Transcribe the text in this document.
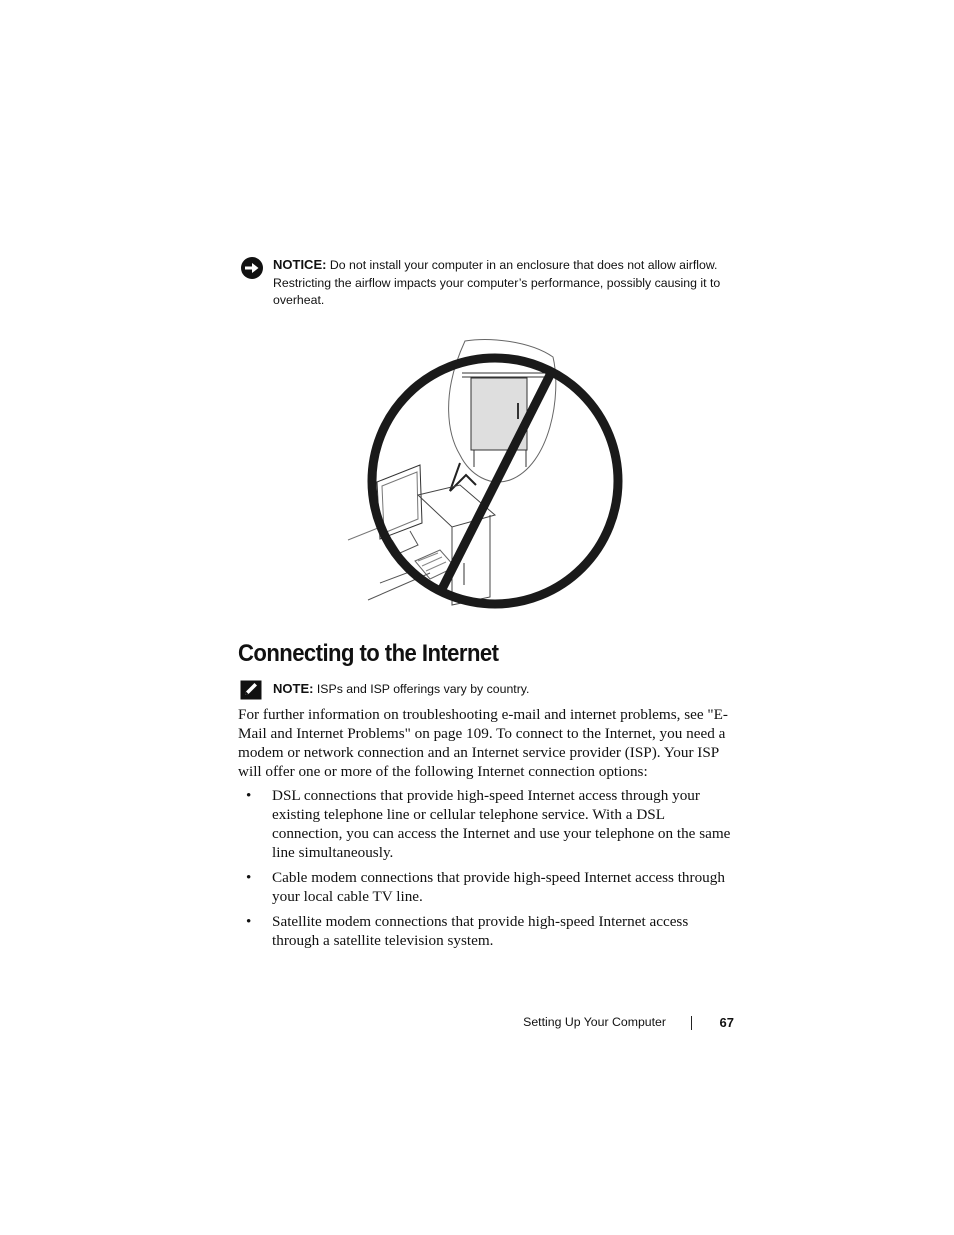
NOTICE: Do not install your computer in an enclosure that does not allow airflow. Restricting the airflow impacts your computer’s performance, possibly causing it to overheat.
Connecting to the Internet
NOTE: ISPs and ISP offerings vary by country.

For further information on troubleshooting e-mail and internet problems, see "E-Mail and Internet Problems" on page 109. To connect to the Internet, you need a modem or network connection and an Internet service provider (ISP). Your ISP will offer one or more of the following Internet connection options:

• DSL connections that provide high-speed Internet access through your existing telephone line or cellular telephone service. With a DSL connection, you can access the Internet and use your telephone on the same line simultaneously.
• Cable modem connections that provide high-speed Internet access through your local cable TV line.
• Satellite modem connections that provide high-speed Internet access through a satellite television system.
Setting Up Your Computer	67
